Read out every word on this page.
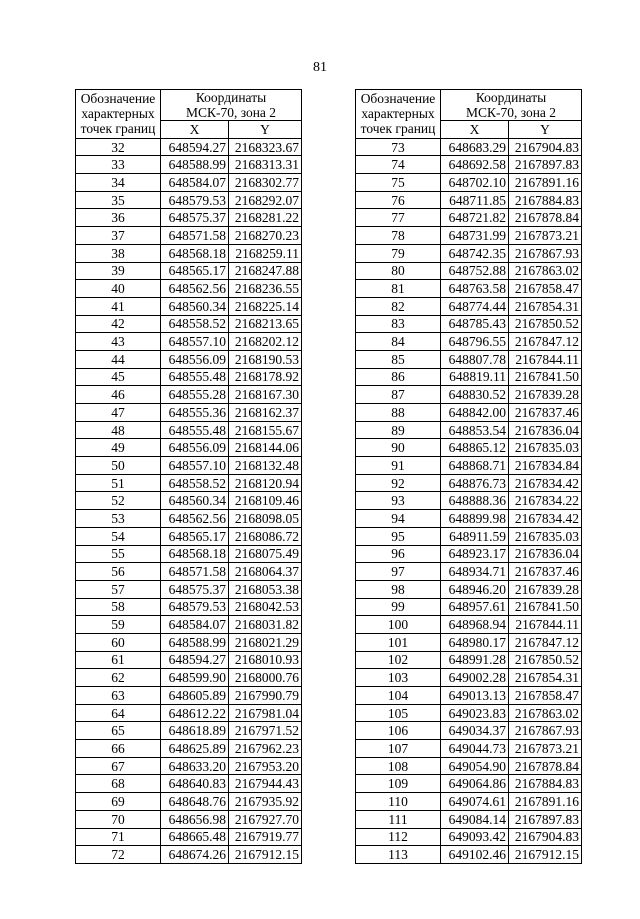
81
Обозначение
характерных
точек границ	Координаты
МСК-70, зона 2	
	X	Y
32	648594.27	2168323.67
33	648588.99	2168313.31
34	648584.07	2168302.77
35	648579.53	2168292.07
36	648575.37	2168281.22
37	648571.58	2168270.23
38	648568.18	2168259.11
39	648565.17	2168247.88
40	648562.56	2168236.55
41	648560.34	2168225.14
42	648558.52	2168213.65
43	648557.10	2168202.12
44	648556.09	2168190.53
45	648555.48	2168178.92
46	648555.28	2168167.30
47	648555.36	2168162.37
48	648555.48	2168155.67
49	648556.09	2168144.06
50	648557.10	2168132.48
51	648558.52	2168120.94
52	648560.34	2168109.46
53	648562.56	2168098.05
54	648565.17	2168086.72
55	648568.18	2168075.49
56	648571.58	2168064.37
57	648575.37	2168053.38
58	648579.53	2168042.53
59	648584.07	2168031.82
60	648588.99	2168021.29
61	648594.27	2168010.93
62	648599.90	2168000.76
63	648605.89	2167990.79
64	648612.22	2167981.04
65	648618.89	2167971.52
66	648625.89	2167962.23
67	648633.20	2167953.20
68	648640.83	2167944.43
69	648648.76	2167935.92
70	648656.98	2167927.70
71	648665.48	2167919.77
72	648674.26	2167912.15
Обозначение
характерных
точек границ	Координаты
МСК-70, зона 2	
	X	Y
73	648683.29	2167904.83
74	648692.58	2167897.83
75	648702.10	2167891.16
76	648711.85	2167884.83
77	648721.82	2167878.84
78	648731.99	2167873.21
79	648742.35	2167867.93
80	648752.88	2167863.02
81	648763.58	2167858.47
82	648774.44	2167854.31
83	648785.43	2167850.52
84	648796.55	2167847.12
85	648807.78	2167844.11
86	648819.11	2167841.50
87	648830.52	2167839.28
88	648842.00	2167837.46
89	648853.54	2167836.04
90	648865.12	2167835.03
91	648868.71	2167834.84
92	648876.73	2167834.42
93	648888.36	2167834.22
94	648899.98	2167834.42
95	648911.59	2167835.03
96	648923.17	2167836.04
97	648934.71	2167837.46
98	648946.20	2167839.28
99	648957.61	2167841.50
100	648968.94	2167844.11
101	648980.17	2167847.12
102	648991.28	2167850.52
103	649002.28	2167854.31
104	649013.13	2167858.47
105	649023.83	2167863.02
106	649034.37	2167867.93
107	649044.73	2167873.21
108	649054.90	2167878.84
109	649064.86	2167884.83
110	649074.61	2167891.16
111	649084.14	2167897.83
112	649093.42	2167904.83
113	649102.46	2167912.15
